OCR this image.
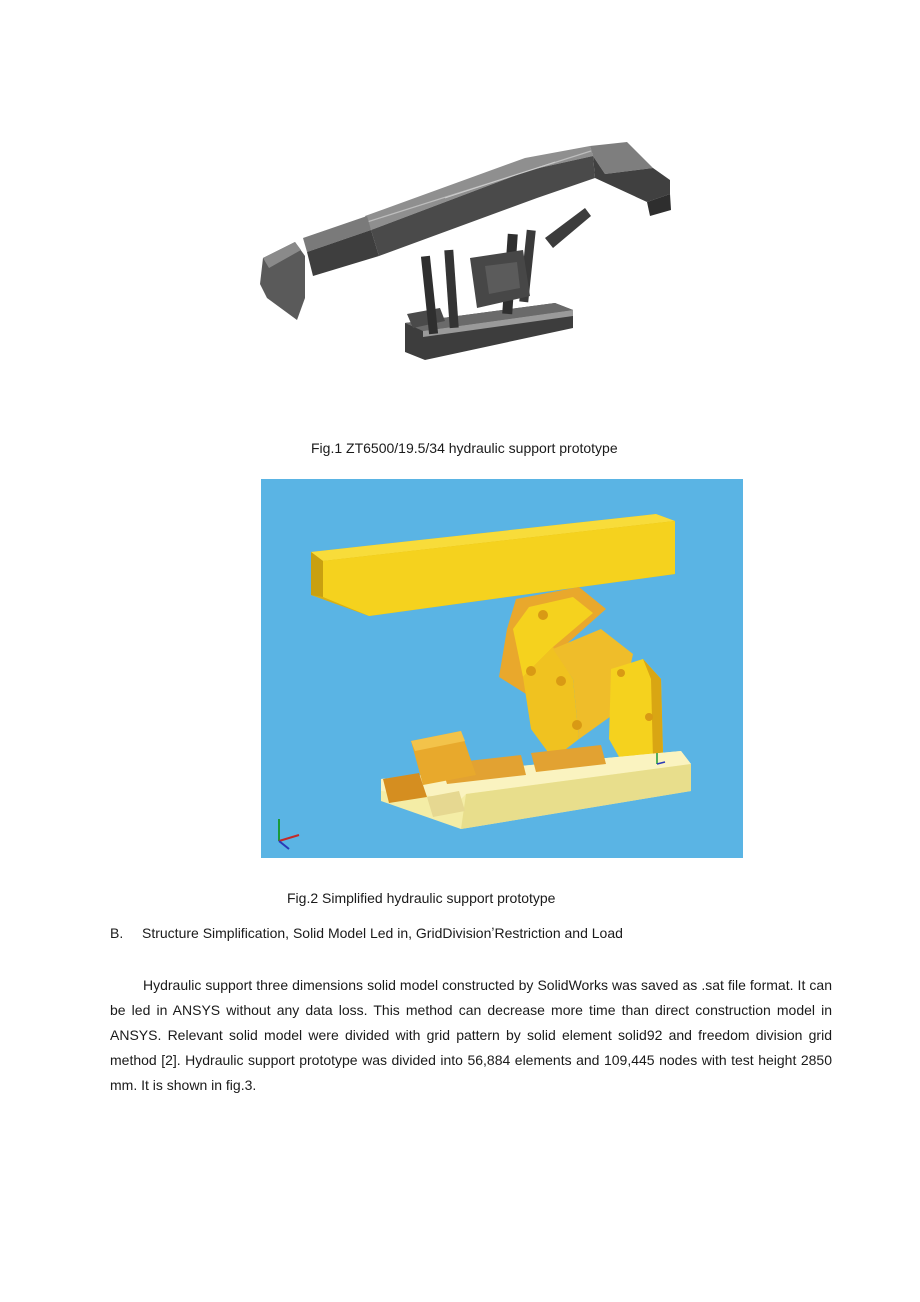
Fig.1 ZT6500/19.5/34 hydraulic support prototype
Fig.2 Simplified hydraulic support prototype
B. Structure Simplification, Solid Model Led in, GridDivisionʼRestriction and Load

Hydraulic support three dimensions solid model constructed by SolidWorks was saved as .sat file format. It can be led in ANSYS without any data loss. This method can decrease more time than direct construction model in ANSYS. Relevant solid model were divided with grid pattern by solid element solid92 and freedom division grid method [2]. Hydraulic support prototype was divided into 56,884 elements and 109,445 nodes with test height 2850 mm. It is shown in fig.3.
